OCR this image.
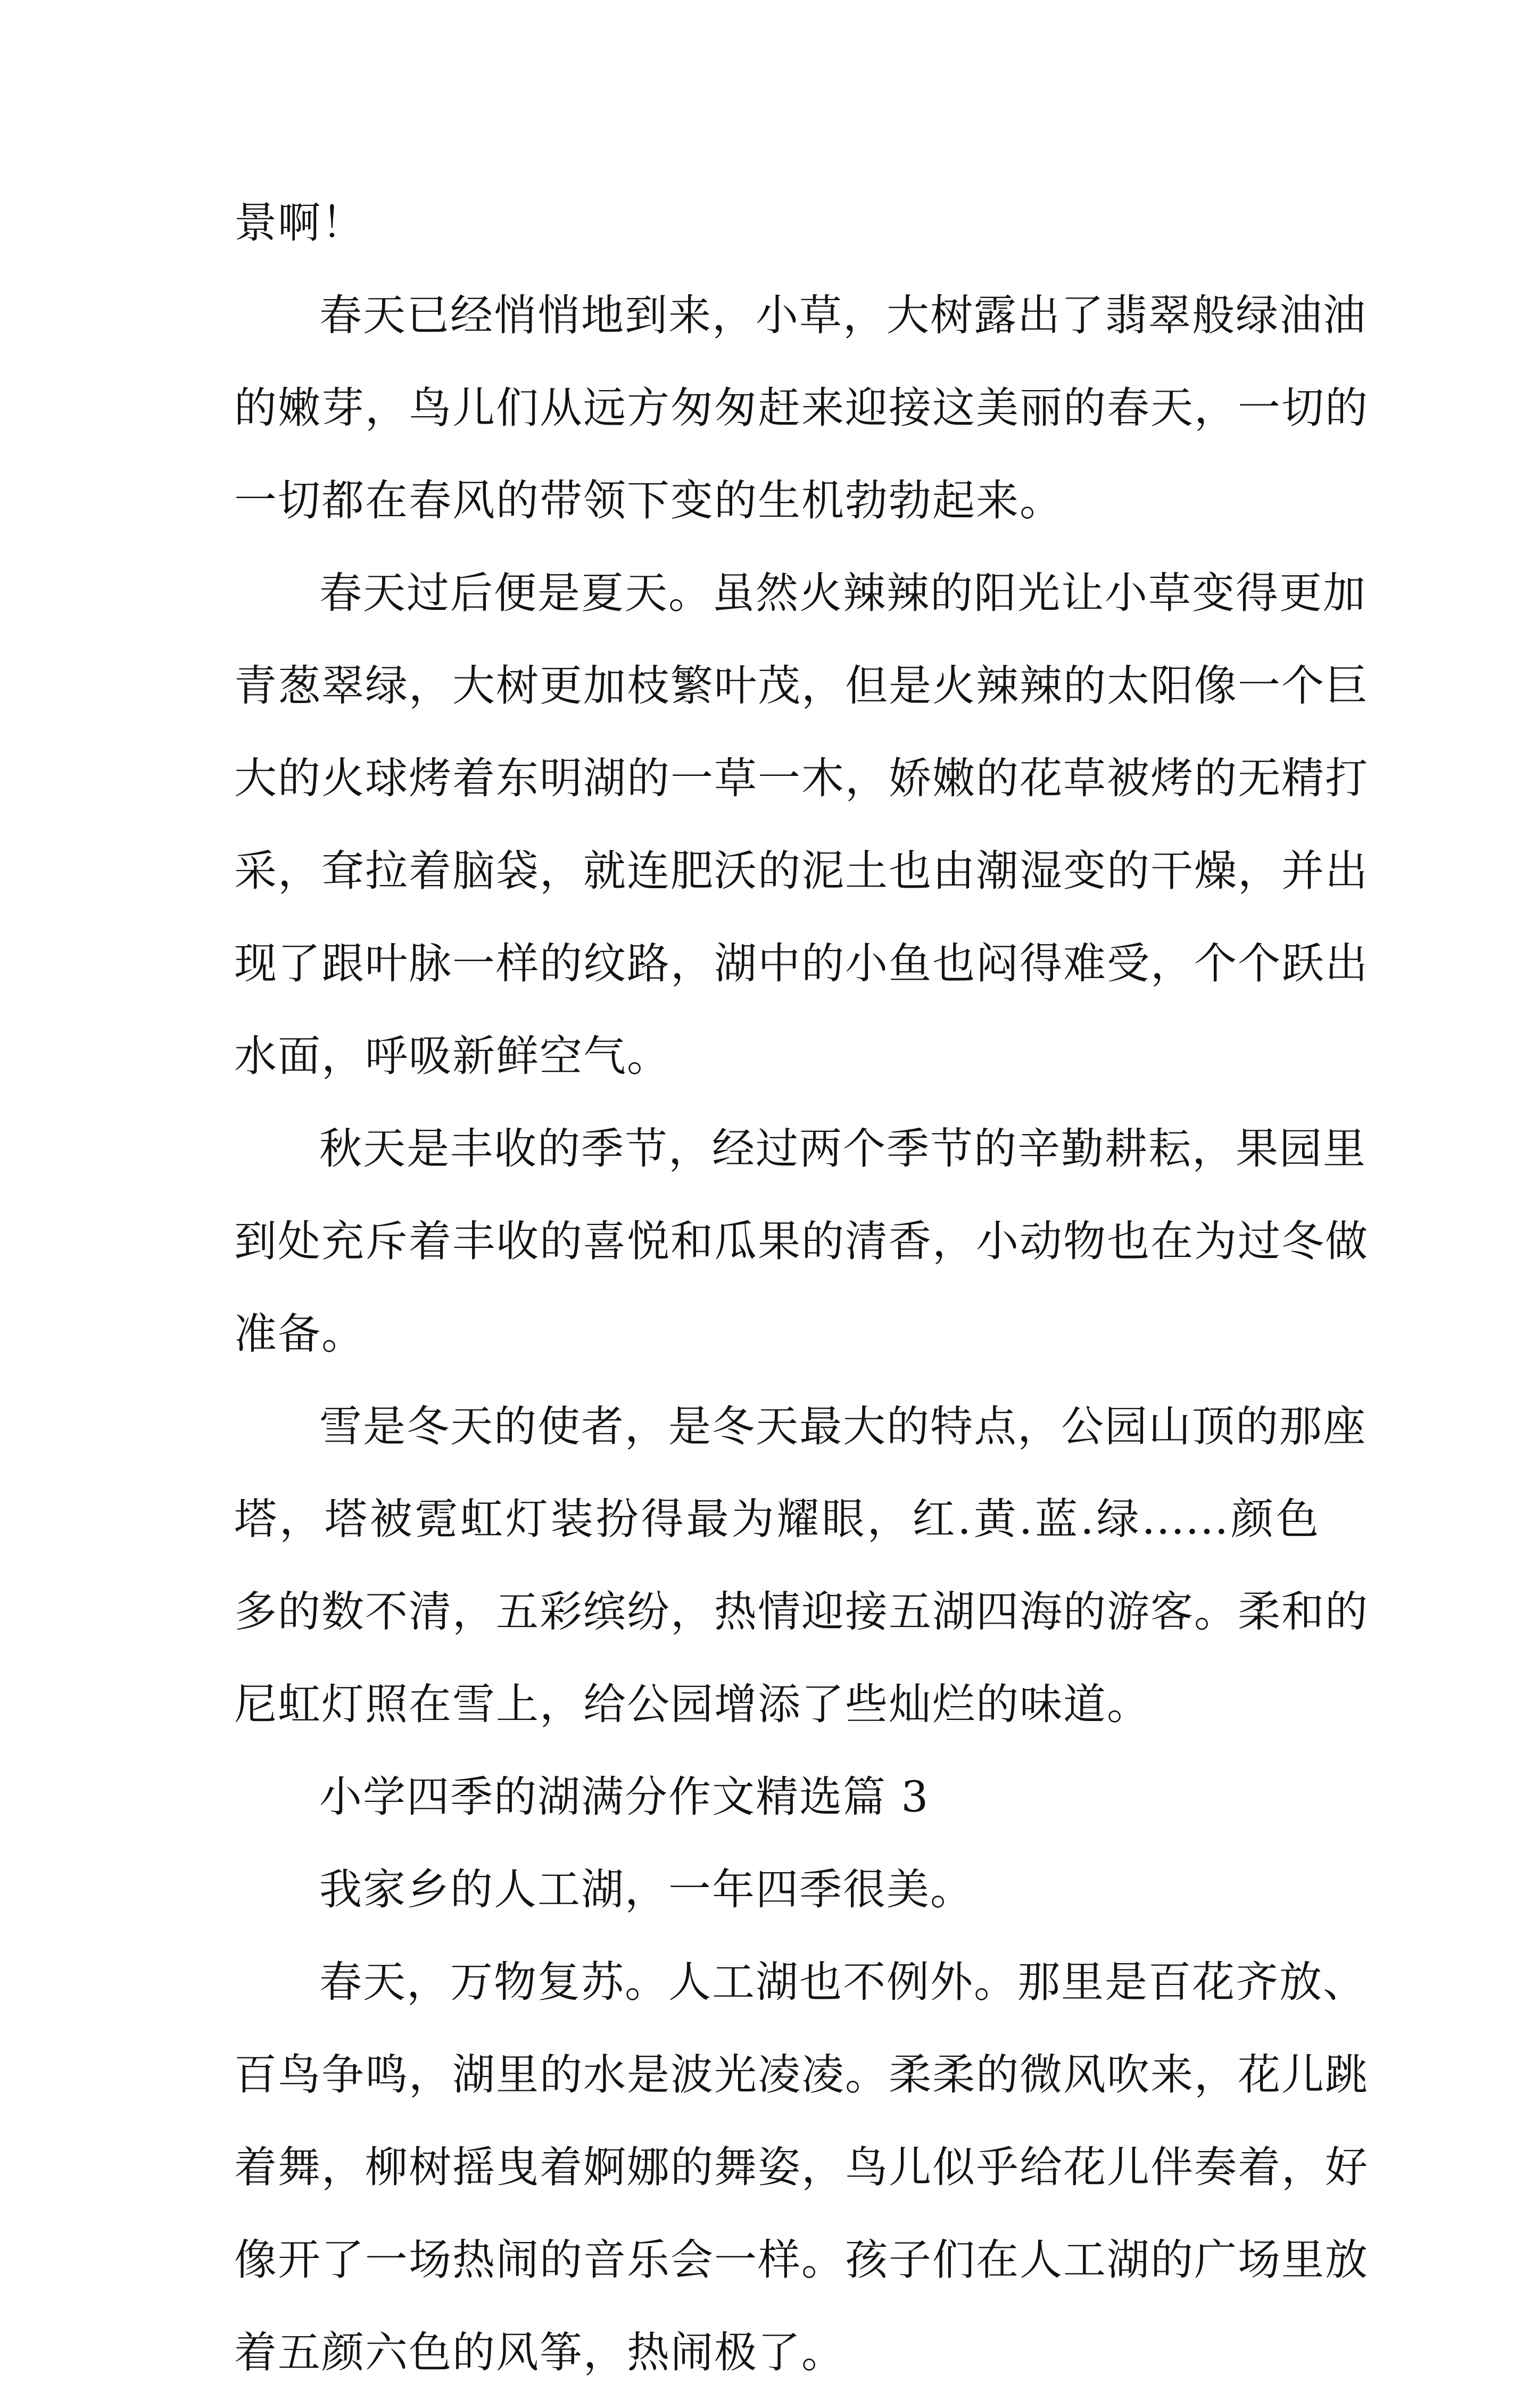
景啊！
春天已经悄悄地到来，小草，大树露出了翡翠般绿油油
的嫩芽，鸟儿们从远方匆匆赶来迎接这美丽的春天，一切的
一切都在春风的带领下变的生机勃勃起来。
春天过后便是夏天。虽然火辣辣的阳光让小草变得更加
青葱翠绿，大树更加枝繁叶茂，但是火辣辣的太阳像一个巨
大的火球烤着东明湖的一草一木，娇嫩的花草被烤的无精打
采，耷拉着脑袋，就连肥沃的泥土也由潮湿变的干燥，并出
现了跟叶脉一样的纹路，湖中的小鱼也闷得难受，个个跃出
水面，呼吸新鲜空气。
秋天是丰收的季节，经过两个季节的辛勤耕耘，果园里
到处充斥着丰收的喜悦和瓜果的清香，小动物也在为过冬做
准备。
雪是冬天的使者，是冬天最大的特点，公园山顶的那座
塔，塔被霓虹灯装扮得最为耀眼，红.黄.蓝.绿......颜色
多的数不清，五彩缤纷，热情迎接五湖四海的游客。柔和的
尼虹灯照在雪上，给公园增添了些灿烂的味道。
小学四季的湖满分作文精选篇 3
我家乡的人工湖，一年四季很美。
春天，万物复苏。人工湖也不例外。那里是百花齐放、
百鸟争鸣，湖里的水是波光凌凌。柔柔的微风吹来，花儿跳
着舞，柳树摇曳着婀娜的舞姿，鸟儿似乎给花儿伴奏着，好
像开了一场热闹的音乐会一样。孩子们在人工湖的广场里放
着五颜六色的风筝，热闹极了。
